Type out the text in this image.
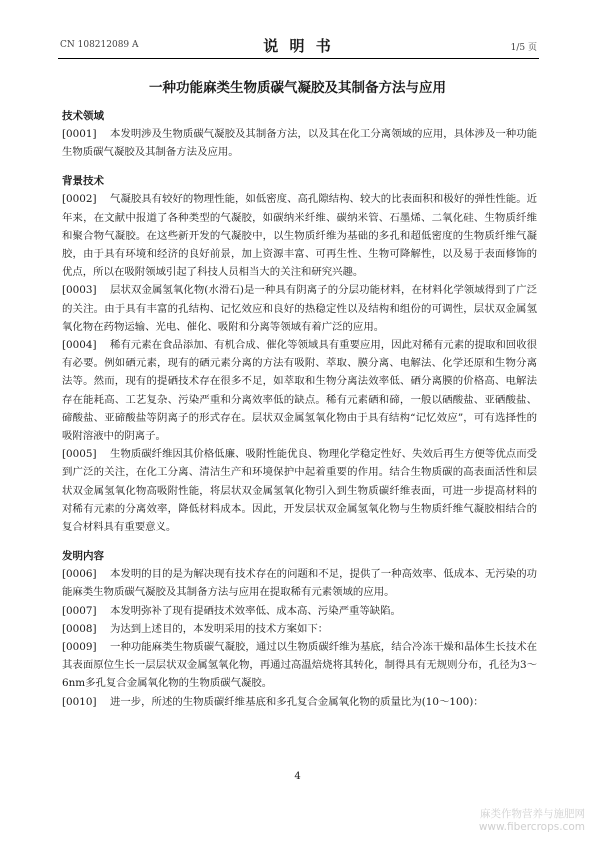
CN 108212089 A	说 明 书	1/5 页
一种功能麻类生物质碳气凝胶及其制备方法与应用
技术领域

[0001] 本发明涉及生物质碳气凝胶及其制备方法，以及其在化工分离领域的应用，具体涉及一种功能生物质碳气凝胶及其制备方法及应用。

背景技术

[0002] 气凝胶具有较好的物理性能，如低密度、高孔隙结构、较大的比表面积和极好的弹性性能。近年来，在文献中报道了各种类型的气凝胶，如碳纳米纤维、碳纳米管、石墨烯、二氧化硅、生物质纤维和聚合物气凝胶。在这些新开发的气凝胶中，以生物质纤维为基础的多孔和超低密度的生物质纤维气凝胶，由于具有环境和经济的良好前景，加上资源丰富、可再生性、生物可降解性，以及易于表面修饰的优点，所以在吸附领域引起了科技人员相当大的关注和研究兴趣。

[0003] 层状双金属氢氧化物(水滑石)是一种具有阴离子的分层功能材料，在材料化学领域得到了广泛的关注。由于具有丰富的孔结构、记忆效应和良好的热稳定性以及结构和组份的可调性，层状双金属氢氧化物在药物运输、光电、催化、吸附和分离等领域有着广泛的应用。

[0004] 稀有元素在食品添加、有机合成、催化等领域具有重要应用，因此对稀有元素的提取和回收很有必要。例如硒元素，现有的硒元素分离的方法有吸附、萃取、膜分离、电解法、化学还原和生物分离法等。然而，现有的提硒技术存在很多不足，如萃取和生物分离法效率低、硒分离膜的价格高、电解法存在能耗高、工艺复杂、污染严重和分离效率低的缺点。稀有元素硒和碲，一般以硒酸盐、亚硒酸盐、碲酸盐、亚碲酸盐等阴离子的形式存在。层状双金属氢氧化物由于具有结构“记忆效应”，可有选择性的吸附溶液中的阴离子。

[0005] 生物质碳纤维因其价格低廉、吸附性能优良、物理化学稳定性好、失效后再生方便等优点而受到广泛的关注，在化工分离、清洁生产和环境保护中起着重要的作用。结合生物质碳的高表面活性和层状双金属氢氧化物高吸附性能，将层状双金属氢氧化物引入到生物质碳纤维表面，可进一步提高材料的对稀有元素的分离效率，降低材料成本。因此，开发层状双金属氢氧化物与生物质纤维气凝胶相结合的复合材料具有重要意义。

发明内容

[0006] 本发明的目的是为解决现有技术存在的问题和不足，提供了一种高效率、低成本、无污染的功能麻类生物质碳气凝胶及其制备方法与应用在提取稀有元素领域的应用。

[0007] 本发明弥补了现有提硒技术效率低、成本高、污染严重等缺陷。

[0008] 为达到上述目的，本发明采用的技术方案如下：

[0009] 一种功能麻类生物质碳气凝胶，通过以生物质碳纤维为基底，结合冷冻干燥和晶体生长技术在其表面原位生长一层层状双金属氢氧化物，再通过高温焙烧将其转化，制得具有无规则分布，孔径为3～6nm多孔复合金属氧化物的生物质碳气凝胶。

[0010] 进一步，所述的生物质碳纤维基底和多孔复合金属氧化物的质量比为(10～100)：

4
麻类作物营养与施肥网
www.fibercrops.com
